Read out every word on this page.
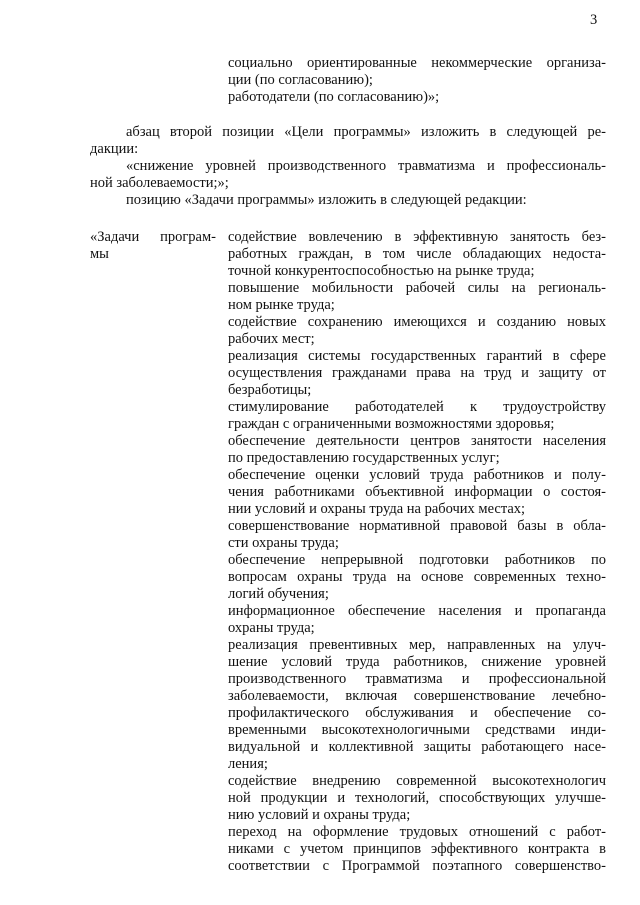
3
социально ориентированные некоммерческие организа-
ции (по согласованию);
работодатели (по согласованию)»;
абзац второй позиции «Цели программы» изложить в следующей ре-
дакции:
«снижение уровней производственного травматизма и профессиональ-
ной заболеваемости;»;
позицию «Задачи программы» изложить в следующей редакции:
«Задачи програм-
мы
содействие вовлечению в эффективную занятость без-
работных граждан, в том числе обладающих недоста-
точной конкурентоспособностью на рынке труда;
повышение мобильности рабочей силы на региональ-
ном рынке труда;
содействие сохранению имеющихся и созданию новых
рабочих мест;
реализация системы государственных гарантий в сфере
осуществления гражданами права на труд и защиту от
безработицы;
стимулирование работодателей к трудоустройству
граждан с ограниченными возможностями здоровья;
обеспечение деятельности центров занятости населения
по предоставлению государственных услуг;
обеспечение оценки условий труда работников и полу-
чения работниками объективной информации о состоя-
нии условий и охраны труда на рабочих местах;
совершенствование нормативной правовой базы в обла-
сти охраны труда;
обеспечение непрерывной подготовки работников по
вопросам охраны труда на основе современных техно-
логий обучения;
информационное обеспечение населения и пропаганда
охраны труда;
реализация превентивных мер, направленных на улуч-
шение условий труда работников, снижение уровней
производственного травматизма и профессиональной
заболеваемости, включая совершенствование лечебно-
профилактического обслуживания и обеспечение со-
временными высокотехнологичными средствами инди-
видуальной и коллективной защиты работающего насе-
ления;
содействие внедрению современной высокотехнологич
ной продукции и технологий, способствующих улучше-
нию условий и охраны труда;
переход на оформление трудовых отношений с работ-
никами с учетом принципов эффективного контракта в
соответствии с Программой поэтапного совершенство-
